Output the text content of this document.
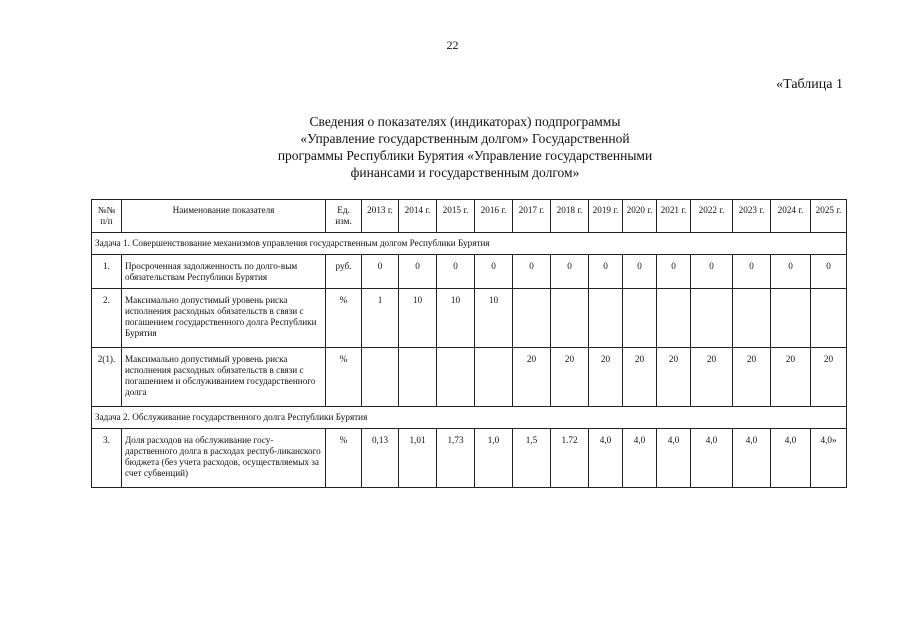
22
«Таблица 1
Сведения о показателях (индикаторах) подпрограммы
«Управление государственным долгом» Государственной
программы Республики Бурятия «Управление государственными
финансами и государственным долгом»
№№ п/п	Наименование показателя	Ед. изм.	2013 г.	2014 г.	2015 г.	2016 г.	2017 г.	2018 г.	2019 г.	2020 г.	2021 г.	2022 г.	2023 г.	2024 г.	2025 г.
Задача 1. Совершенствование механизмов управления государственным долгом Республики Бурятия															
1.	Просроченная задолженность по долго-вым обязательствам Республики Бурятия	руб.	0	0	0	0	0	0	0	0	0	0	0	0	0
2.	Максимально допустимый уровень риска исполнения расходных обязательств в связи с погашением государственного долга Республики Бурятия	%	1	10	10	10									
2(1).	Максимально допустимый уровень риска исполнения расходных обязательств в связи с погашением и обслуживанием государственного долга	%					20	20	20	20	20	20	20	20	20
Задача 2. Обслуживание государственного долга Республики Бурятия															
3.	Доля расходов на обслуживание госу-дарственного долга в расходах респуб-ликанского бюджета (без учета расходов, осуществляемых за счет субвенций)	%	0,13	1,01	1,73	1,0	1,5	1.72	4,0	4,0	4,0	4,0	4,0	4,0	4,0»
